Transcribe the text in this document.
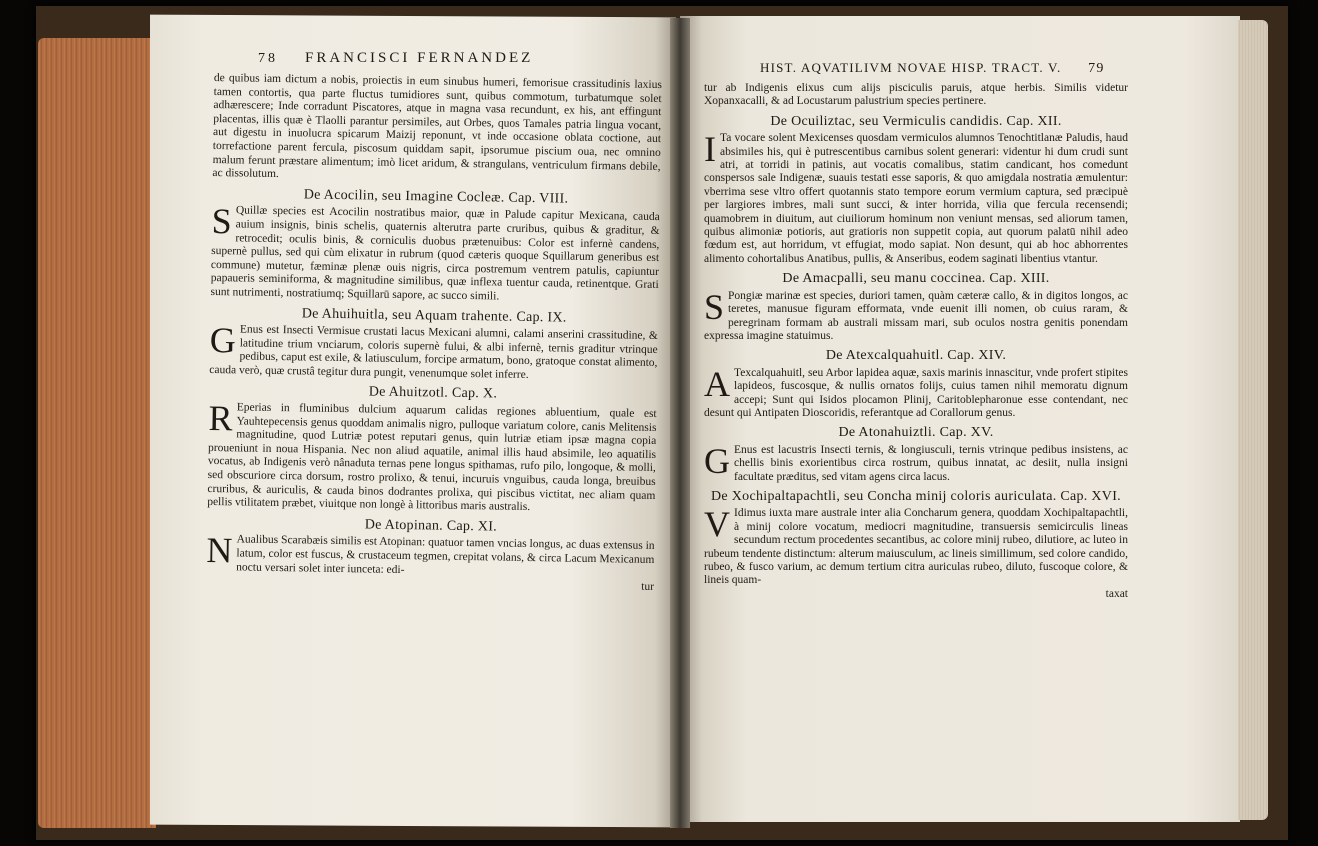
78 FRANCISCI FERNANDEZ

de quibus iam dictum a nobis, proiectis in eum sinubus humeri, femorisue crassitudinis laxius tamen contortis, qua parte fluctus tumidiores sunt, quibus commotum, turbatumque solet adhærescere; Inde corradunt Piscatores, atque in magna vasa recundunt, ex his, ant effingunt placentas, illis quæ è Tlaolli parantur persimiles, aut Orbes, quos Tamales patria lingua vocant, aut digestu in inuolucra spicarum Maizij reponunt, vt inde occasione oblata coctione, aut torrefactione parent fercula, piscosum quiddam sapit, ipsorumue piscium oua, nec omnino malum ferunt præstare alimentum; imò licet aridum, & strangulans, ventriculum firmans debile, ac dissolutum.

De Acocilin, seu Imagine Cocleæ. Cap. VIII.

S Quillæ species est Acocilin nostratibus maior, quæ in Palude capitur Mexicana, cauda auium insignis, binis schelis, quaternis alterutra parte cruribus, quibus & graditur, & retrocedit; oculis binis, & corniculis duobus prætenuibus: Color est infernè candens, supernè pullus, sed qui cùm elixatur in rubrum (quod cæteris quoque Squillarum generibus est commune) mutetur, fæminæ plenæ ouis nigris, circa postremum ventrem patulis, capiuntur papaueris seminiforma, & magnitudine similibus, quæ inflexa tuentur cauda, retinentque. Grati sunt nutrimenti, nostratiumq; Squillarū sapore, ac succo simili.

De Ahuihuitla, seu Aquam trahente. Cap. IX.

G Enus est Insecti Vermisue crustati lacus Mexicani alumni, calami anserini crassitudine, & latitudine trium vnciarum, coloris supernè fului, & albi infernè, ternis graditur vtrinque pedibus, caput est exile, & latiusculum, forcipe armatum, bono, gratoque constat alimento, cauda verò, quæ crustâ tegitur dura pungit, venenumque solet inferre.

De Ahuitzotl. Cap. X.

R Eperias in fluminibus dulcium aquarum calidas regiones abluentium, quale est Yauhtepecensis genus quoddam animalis nigro, pulloque variatum colore, canis Melitensis magnitudine, quod Lutriæ potest reputari genus, quin lutriæ etiam ipsæ magna copia proueniunt in noua Hispania. Nec non aliud aquatile, animal illis haud absimile, leo aquatilis vocatus, ab Indigenis verò nânaduta ternas pene longus spithamas, rufo pilo, longoque, & molli, sed obscuriore circa dorsum, rostro prolixo, & tenui, incuruis vnguibus, cauda longa, breuibus cruribus, & auriculis, & cauda binos dodrantes prolixa, qui piscibus victitat, nec aliam quam pellis vtilitatem præbet, viuitque non longè à littoribus maris australis.

De Atopinan. Cap. XI.

N Aualibus Scarabæis similis est Atopinan: quatuor tamen vncias longus, ac duas extensus in latum, color est fuscus, & crustaceum tegmen, crepitat volans, & circa Lacum Mexicanum noctu versari solet inter iunceta: edi-

tur

HIST. AQVATILIVM NOVAE HISP. TRACT. V. 79

tur ab Indigenis elixus cum alijs pisciculis paruis, atque herbis. Similis videtur Xopanxacalli, & ad Locustarum palustrium species pertinere.

De Ocuiliztac, seu Vermiculis candidis. Cap. XII.

I Ta vocare solent Mexicenses quosdam vermiculos alumnos Tenochtitlanæ Paludis, haud absimiles his, qui è putrescentibus carnibus solent generari: videntur hi dum crudi sunt atri, at torridi in patinis, aut vocatis comalibus, statim candicant, hos comedunt conspersos sale Indigenæ, suauis testati esse saporis, & quo amigdala nostratia æmulentur: vberrima sese vltro offert quotannis stato tempore eorum vermium captura, sed præcipuè per largiores imbres, mali sunt succi, & inter horrida, vilia que fercula recensendi; quamobrem in diuitum, aut ciuiliorum hominum non veniunt mensas, sed aliorum tamen, quibus alimoniæ potioris, aut gratioris non suppetit copia, aut quorum palatū nihil adeo fœdum est, aut horridum, vt effugiat, modo sapiat. Non desunt, qui ab hoc abhorrentes alimento cohortalibus Anatibus, pullis, & Anseribus, eodem saginati libentius vtantur.

De Amacpalli, seu manu coccinea. Cap. XIII.

S Pongiæ marinæ est species, duriori tamen, quàm cæteræ callo, & in digitos longos, ac teretes, manusue figuram efformata, vnde euenit illi nomen, ob cuius raram, & peregrinam formam ab australi missam mari, sub oculos nostra genitis ponendam expressa imagine statuimus.

De Atexcalquahuitl. Cap. XIV.

A Texcalquahuitl, seu Arbor lapidea aquæ, saxis marinis innascitur, vnde profert stipites lapideos, fuscosque, & nullis ornatos folijs, cuius tamen nihil memoratu dignum accepi; Sunt qui Isidos plocamon Plinij, Caritoblepharonue esse contendant, nec desunt qui Antipaten Dioscoridis, referantque ad Corallorum genus.

De Atonahuiztli. Cap. XV.

G Enus est lacustris Insecti ternis, & longiusculi, ternis vtrinque pedibus insistens, ac chellis binis exorientibus circa rostrum, quibus innatat, ac desiit, nulla insigni facultate præditus, sed vitam agens circa lacus.

De Xochipaltapachtli, seu Concha minij coloris auriculata. Cap. XVI.

V Idimus iuxta mare australe inter alia Concharum genera, quoddam Xochipaltapachtli, à minij colore vocatum, mediocri magnitudine, transuersis semicirculis lineas secundum rectum procedentes secantibus, ac colore minij rubeo, dilutiore, ac luteo in rubeum tendente distinctum: alterum maiusculum, ac lineis simillimum, sed colore candido, rubeo, & fusco varium, ac demum tertium citra auriculas rubeo, diluto, fuscoque colore, & lineis quam-

taxat
